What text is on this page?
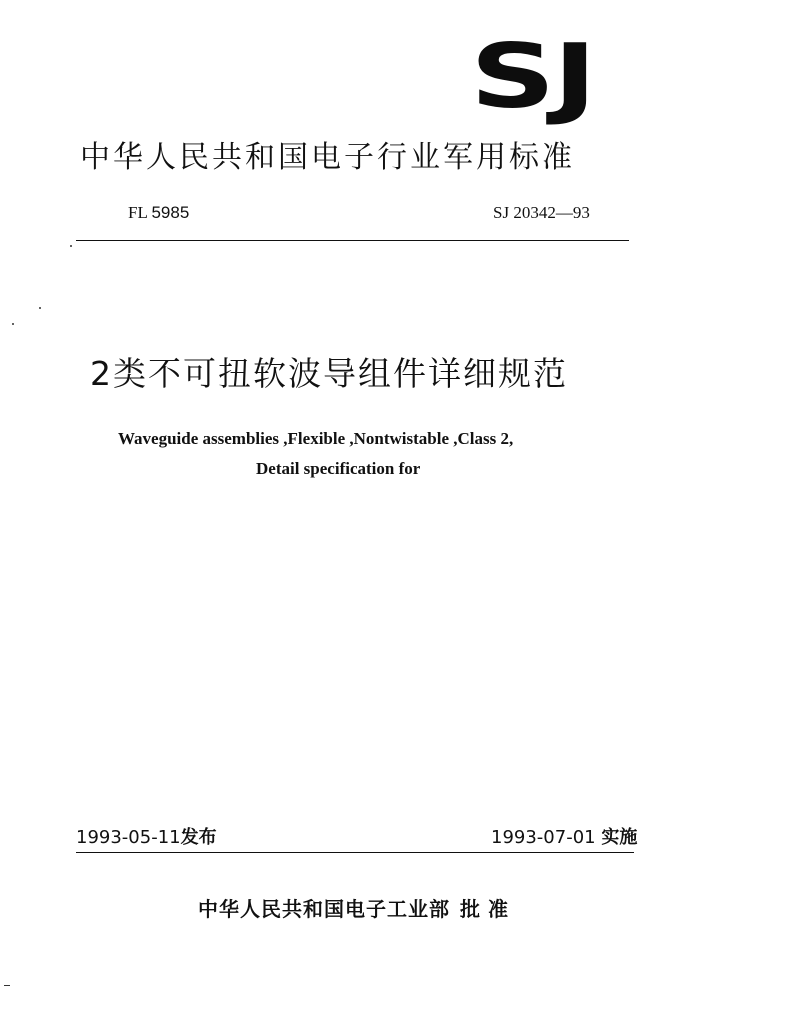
SJ
中华人民共和国电子行业军用标准
FL 5985	SJ 20342—93
2类不可扭软波导组件详细规范
Waveguide assemblies ,Flexible ,Nontwistable ,Class 2,
Detail specification for
1993-05-11发布	1993-07-01 实施
中华人民共和国电子工业部 批准
